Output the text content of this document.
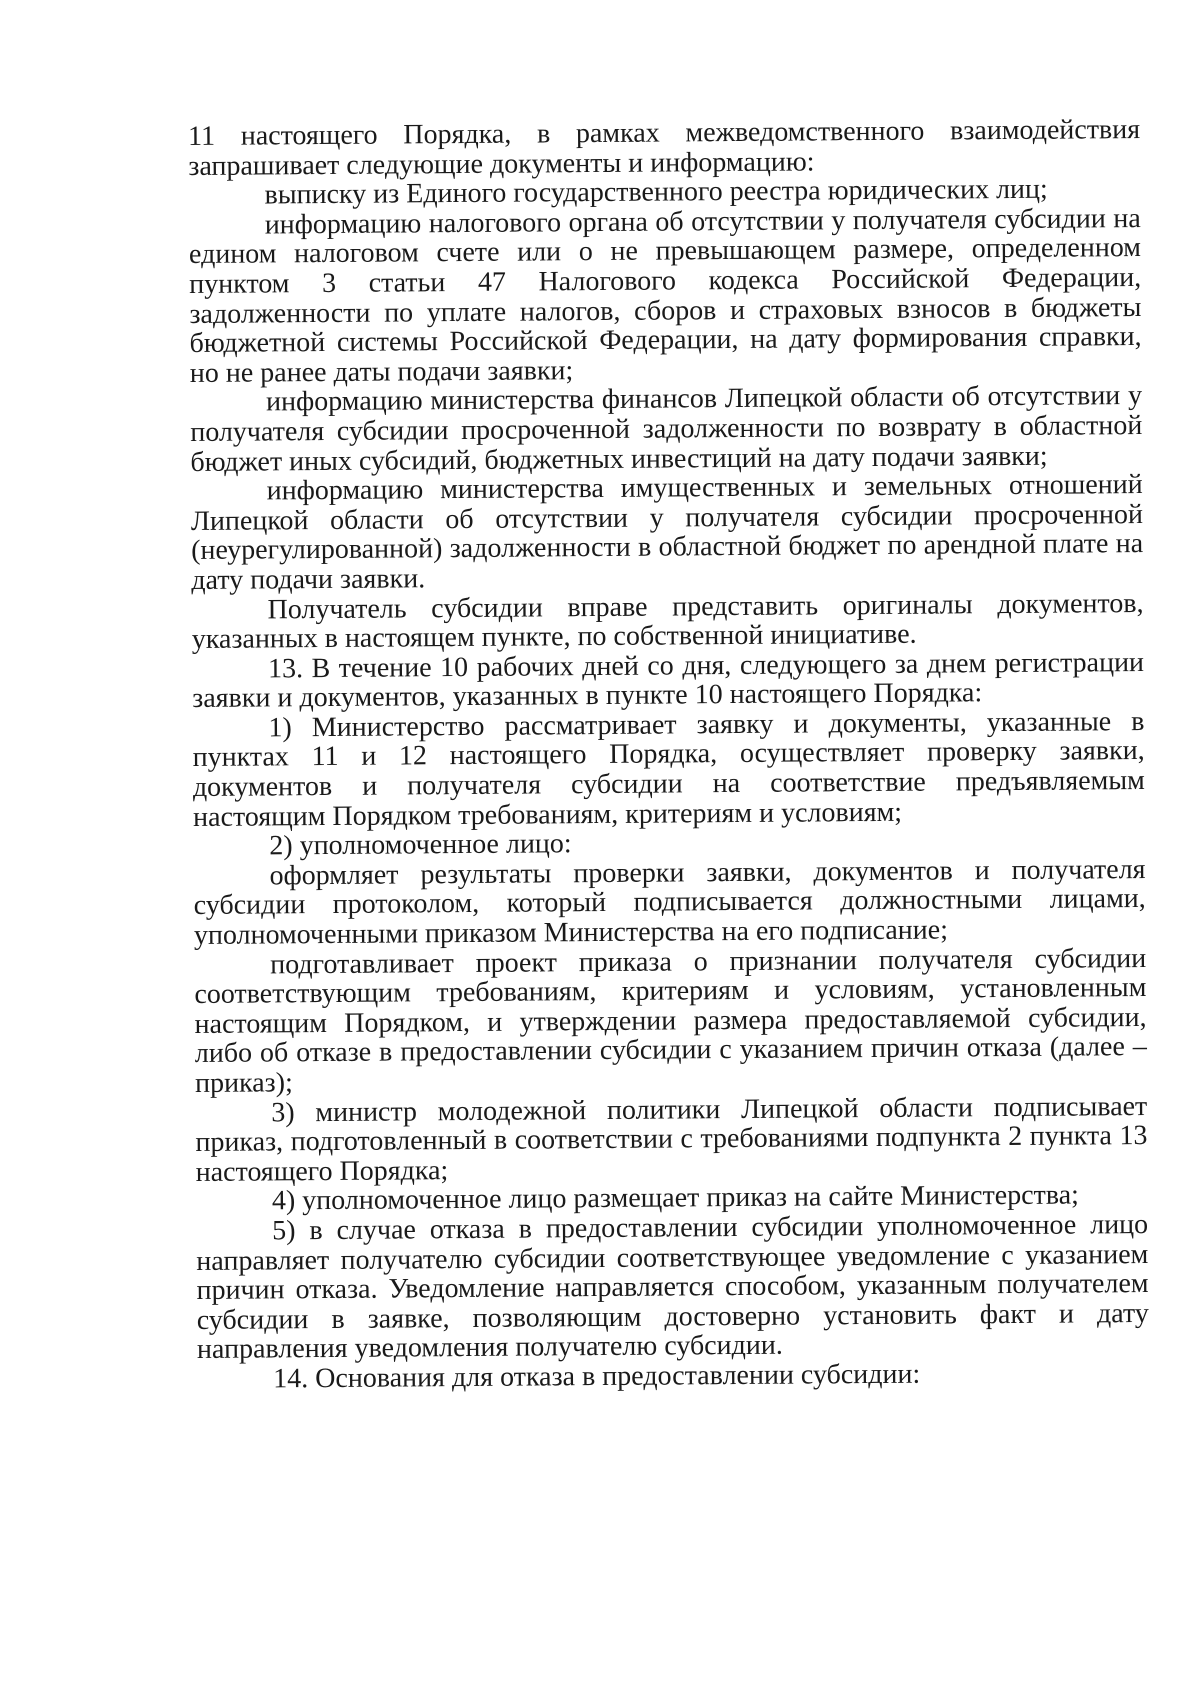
11 настоящего Порядка, в рамках межведомственного взаимодействия запрашивает следующие документы и информацию:

выписку из Единого государственного реестра юридических лиц;

информацию налогового органа об отсутствии у получателя субсидии на едином налоговом счете или о не превышающем размере, определенном пунктом 3 статьи 47 Налогового кодекса Российской Федерации, задолженности по уплате налогов, сборов и страховых взносов в бюджеты бюджетной системы Российской Федерации, на дату формирования справки, но не ранее даты подачи заявки;

информацию министерства финансов Липецкой области об отсутствии у получателя субсидии просроченной задолженности по возврату в областной бюджет иных субсидий, бюджетных инвестиций на дату подачи заявки;

информацию министерства имущественных и земельных отношений Липецкой области об отсутствии у получателя субсидии просроченной (неурегулированной) задолженности в областной бюджет по арендной плате на дату подачи заявки.

Получатель субсидии вправе представить оригиналы документов, указанных в настоящем пункте, по собственной инициативе.

13. В течение 10 рабочих дней со дня, следующего за днем регистрации заявки и документов, указанных в пункте 10 настоящего Порядка:

1) Министерство рассматривает заявку и документы, указанные в пунктах 11 и 12 настоящего Порядка, осуществляет проверку заявки, документов и получателя субсидии на соответствие предъявляемым настоящим Порядком требованиям, критериям и условиям;

2) уполномоченное лицо:

оформляет результаты проверки заявки, документов и получателя субсидии протоколом, который подписывается должностными лицами, уполномоченными приказом Министерства на его подписание;

подготавливает проект приказа о признании получателя субсидии соответствующим требованиям, критериям и условиям, установленным настоящим Порядком, и утверждении размера предоставляемой субсидии, либо об отказе в предоставлении субсидии с указанием причин отказа (далее – приказ);

3) министр молодежной политики Липецкой области подписывает приказ, подготовленный в соответствии с требованиями подпункта 2 пункта 13 настоящего Порядка;

4) уполномоченное лицо размещает приказ на сайте Министерства;

5) в случае отказа в предоставлении субсидии уполномоченное лицо направляет получателю субсидии соответствующее уведомление с указанием причин отказа. Уведомление направляется способом, указанным получателем субсидии в заявке, позволяющим достоверно установить факт и дату направления уведомления получателю субсидии.

14. Основания для отказа в предоставлении субсидии:
